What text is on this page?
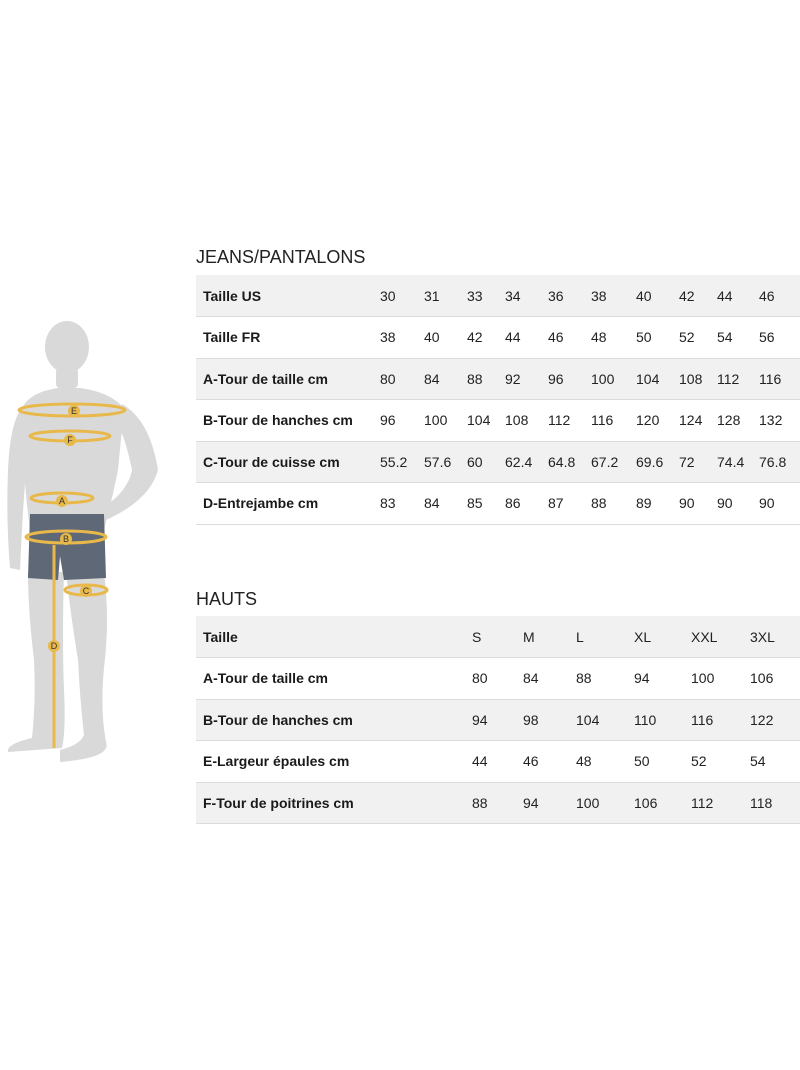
E
F
A
B
C
D
JEANS/PANTALONS
Taille US	30	31	33	34	36	38	40	42	44	46
Taille FR	38	40	42	44	46	48	50	52	54	56
A-Tour de taille cm	80	84	88	92	96	100	104	108	112	116
B-Tour de hanches cm	96	100	104	108	112	116	120	124	128	132
C-Tour de cuisse cm	55.2	57.6	60	62.4	64.8	67.2	69.6	72	74.4	76.8
D-Entrejambe cm	83	84	85	86	87	88	89	90	90	90
HAUTS
Taille	S	M	L	XL	XXL	3XL
A-Tour de taille cm	80	84	88	94	100	106
B-Tour de hanches cm	94	98	104	110	116	122
E-Largeur épaules cm	44	46	48	50	52	54
F-Tour de poitrines cm	88	94	100	106	112	118
